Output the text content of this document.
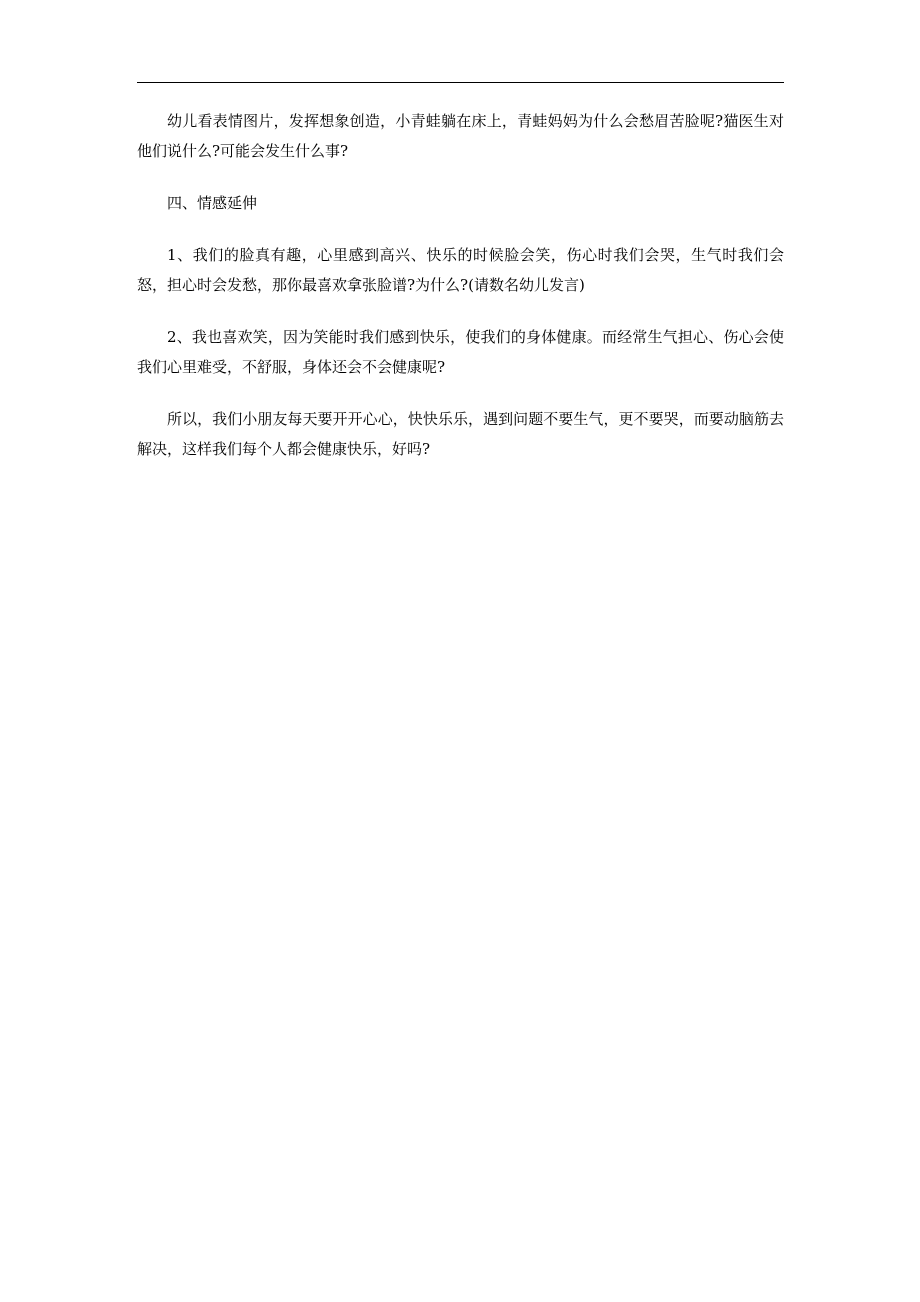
幼儿看表情图片，发挥想象创造，小青蛙躺在床上，青蛙妈妈为什么会愁眉苦脸呢?猫医生对他们说什么?可能会发生什么事?

四、情感延伸

1、我们的脸真有趣，心里感到高兴、快乐的时候脸会笑，伤心时我们会哭，生气时我们会怒，担心时会发愁，那你最喜欢拿张脸谱?为什么?(请数名幼儿发言)

2、我也喜欢笑，因为笑能时我们感到快乐，使我们的身体健康。而经常生气担心、伤心会使我们心里难受，不舒服，身体还会不会健康呢?

所以，我们小朋友每天要开开心心，快快乐乐，遇到问题不要生气，更不要哭，而要动脑筋去解决，这样我们每个人都会健康快乐，好吗?
